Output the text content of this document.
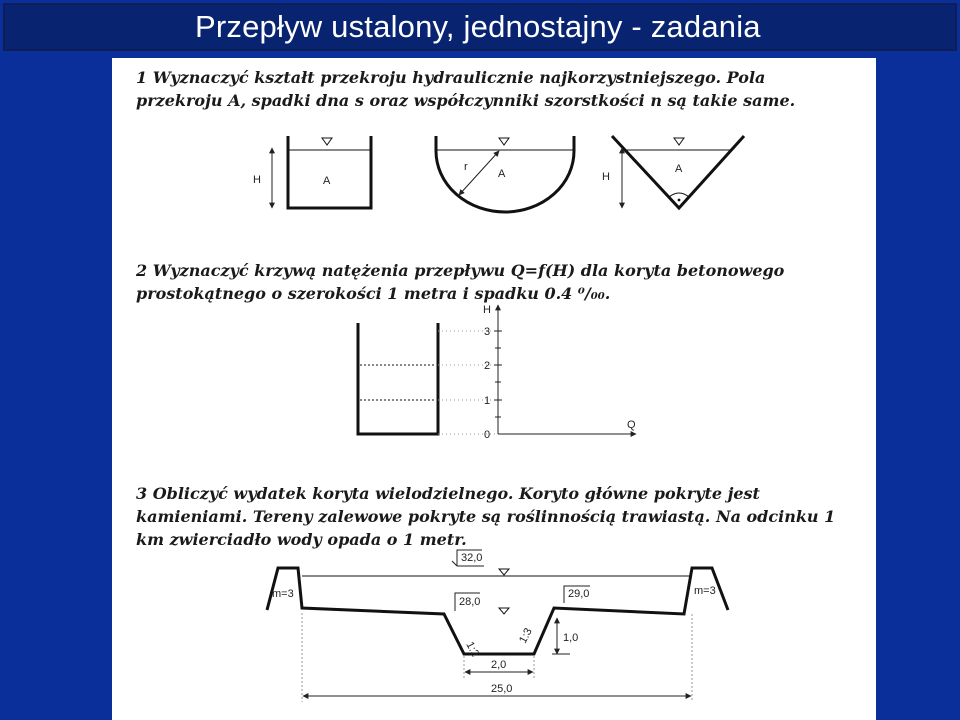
Przepływ ustalony, jednostajny - zadania
1 Wyznaczyć kształt przekroju hydraulicznie najkorzystniejszego. Pola przekroju A, spadki dna s oraz współczynniki szorstkości n są takie same.
2 Wyznaczyć krzywą natężenia przepływu Q=f(H) dla koryta betonowego prostokątnego o szerokości 1 metra i spadku 0.4 ⁰/₀₀.
3 Obliczyć wydatek koryta wielodzielnego. Koryto główne pokryte jest kamieniami. Tereny zalewowe pokryte są roślinnością trawiastą. Na odcinku 1 km zwierciadło wody opada o 1 metr.
H	A
r
A	H
A
H
Q
3
2
1
0
32,0
28,0
29,0
m=3	m=3
1:2
1:3	1,0
2,0
25,0
